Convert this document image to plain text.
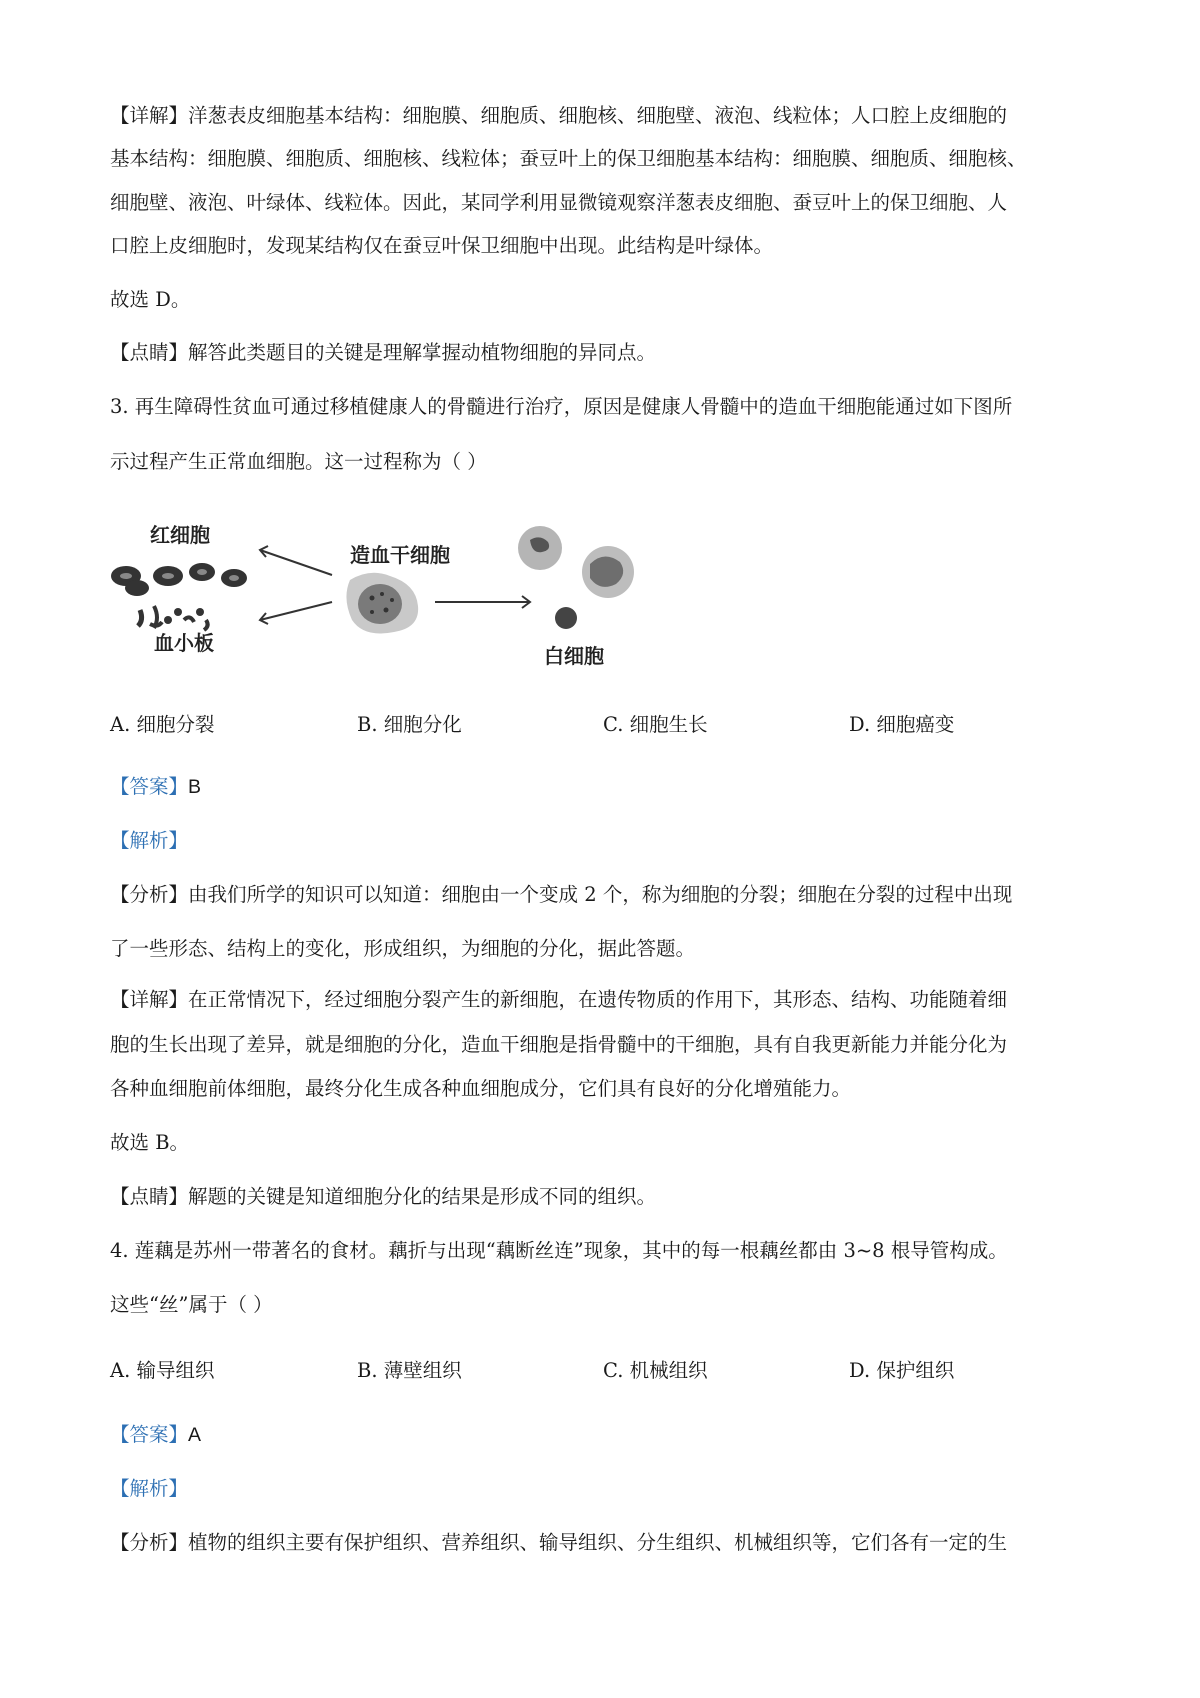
【详解】洋葱表皮细胞基本结构：细胞膜、细胞质、细胞核、细胞壁、液泡、线粒体；人口腔上皮细胞的
基本结构：细胞膜、细胞质、细胞核、线粒体；蚕豆叶上的保卫细胞基本结构：细胞膜、细胞质、细胞核、
细胞壁、液泡、叶绿体、线粒体。因此，某同学利用显微镜观察洋葱表皮细胞、蚕豆叶上的保卫细胞、人
口腔上皮细胞时，发现某结构仅在蚕豆叶保卫细胞中出现。此结构是叶绿体。
故选 D。
【点睛】解答此类题目的关键是理解掌握动植物细胞的异同点。
3. 再生障碍性贫血可通过移植健康人的骨髓进行治疗，原因是健康人骨髓中的造血干细胞能通过如下图所
示过程产生正常血细胞。这一过程称为（ ）
红细胞
血小板
造血干细胞
白细胞
A. 细胞分裂	B. 细胞分化	C. 细胞生长	D. 细胞癌变
【答案】B
【解析】
【分析】由我们所学的知识可以知道：细胞由一个变成 2 个，称为细胞的分裂；细胞在分裂的过程中出现
了一些形态、结构上的变化，形成组织，为细胞的分化，据此答题。
【详解】在正常情况下，经过细胞分裂产生的新细胞，在遗传物质的作用下，其形态、结构、功能随着细
胞的生长出现了差异，就是细胞的分化，造血干细胞是指骨髓中的干细胞，具有自我更新能力并能分化为
各种血细胞前体细胞，最终分化生成各种血细胞成分，它们具有良好的分化增殖能力。
故选 B。
【点睛】解题的关键是知道细胞分化的结果是形成不同的组织。
4. 莲藕是苏州一带著名的食材。藕折与出现“藕断丝连”现象，其中的每一根藕丝都由 3~8 根导管构成。
这些“丝”属于（ ）
A. 输导组织	B. 薄壁组织	C. 机械组织	D. 保护组织
【答案】A
【解析】
【分析】植物的组织主要有保护组织、营养组织、输导组织、分生组织、机械组织等，它们各有一定的生
